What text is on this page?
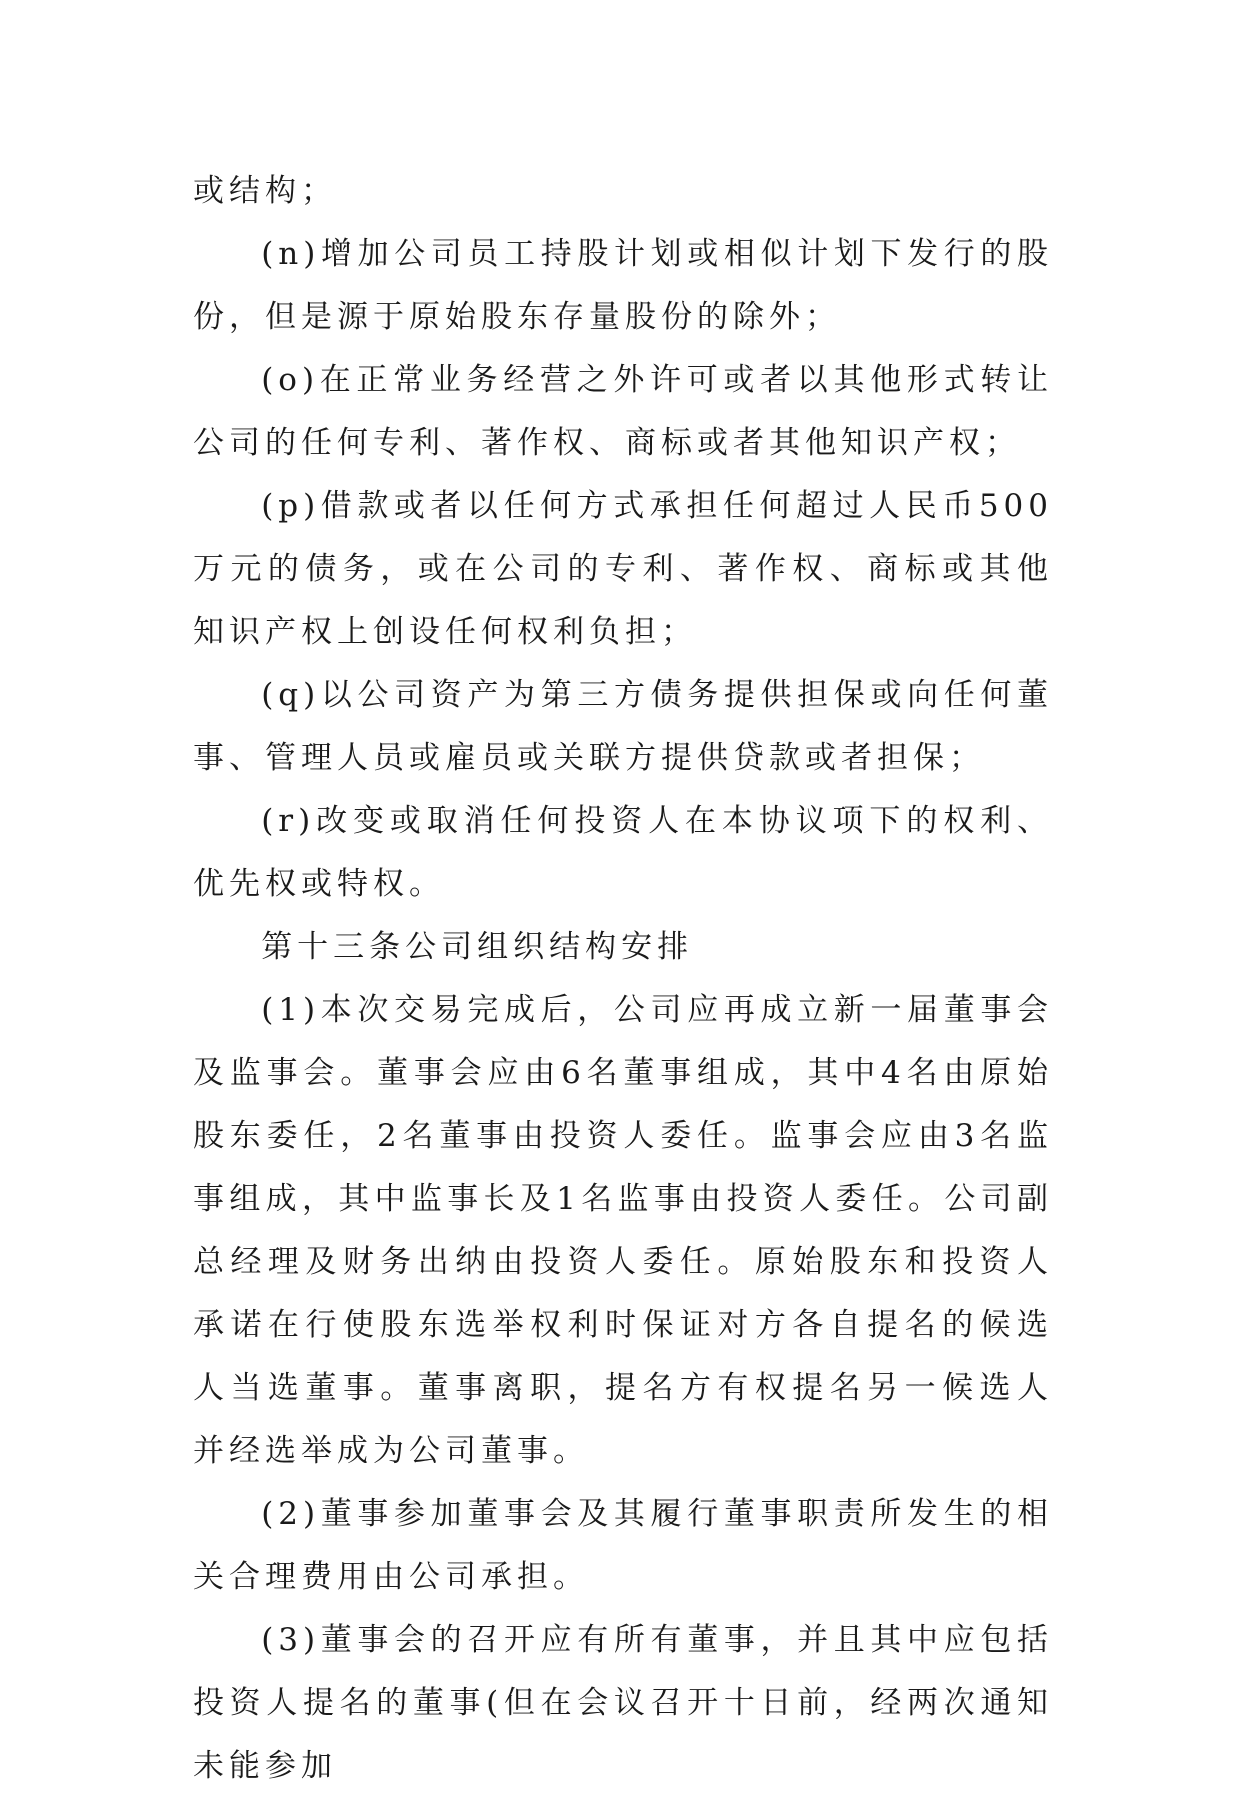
或结构；

(n)增加公司员工持股计划或相似计划下发行的股份，但是源于原始股东存量股份的除外；

(o)在正常业务经营之外许可或者以其他形式转让公司的任何专利、著作权、商标或者其他知识产权；

(p)借款或者以任何方式承担任何超过人民币500万元的债务，或在公司的专利、著作权、商标或其他知识产权上创设任何权利负担；

(q)以公司资产为第三方债务提供担保或向任何董事、管理人员或雇员或关联方提供贷款或者担保；

(r)改变或取消任何投资人在本协议项下的权利、优先权或特权。

第十三条公司组织结构安排

(1)本次交易完成后，公司应再成立新一届董事会及监事会。董事会应由6名董事组成，其中4名由原始股东委任，2名董事由投资人委任。监事会应由3名监事组成，其中监事长及1名监事由投资人委任。公司副总经理及财务出纳由投资人委任。原始股东和投资人承诺在行使股东选举权利时保证对方各自提名的候选人当选董事。董事离职，提名方有权提名另一候选人并经选举成为公司董事。

(2)董事参加董事会及其履行董事职责所发生的相关合理费用由公司承担。

(3)董事会的召开应有所有董事，并且其中应包括投资人提名的董事(但在会议召开十日前，经两次通知未能参加
